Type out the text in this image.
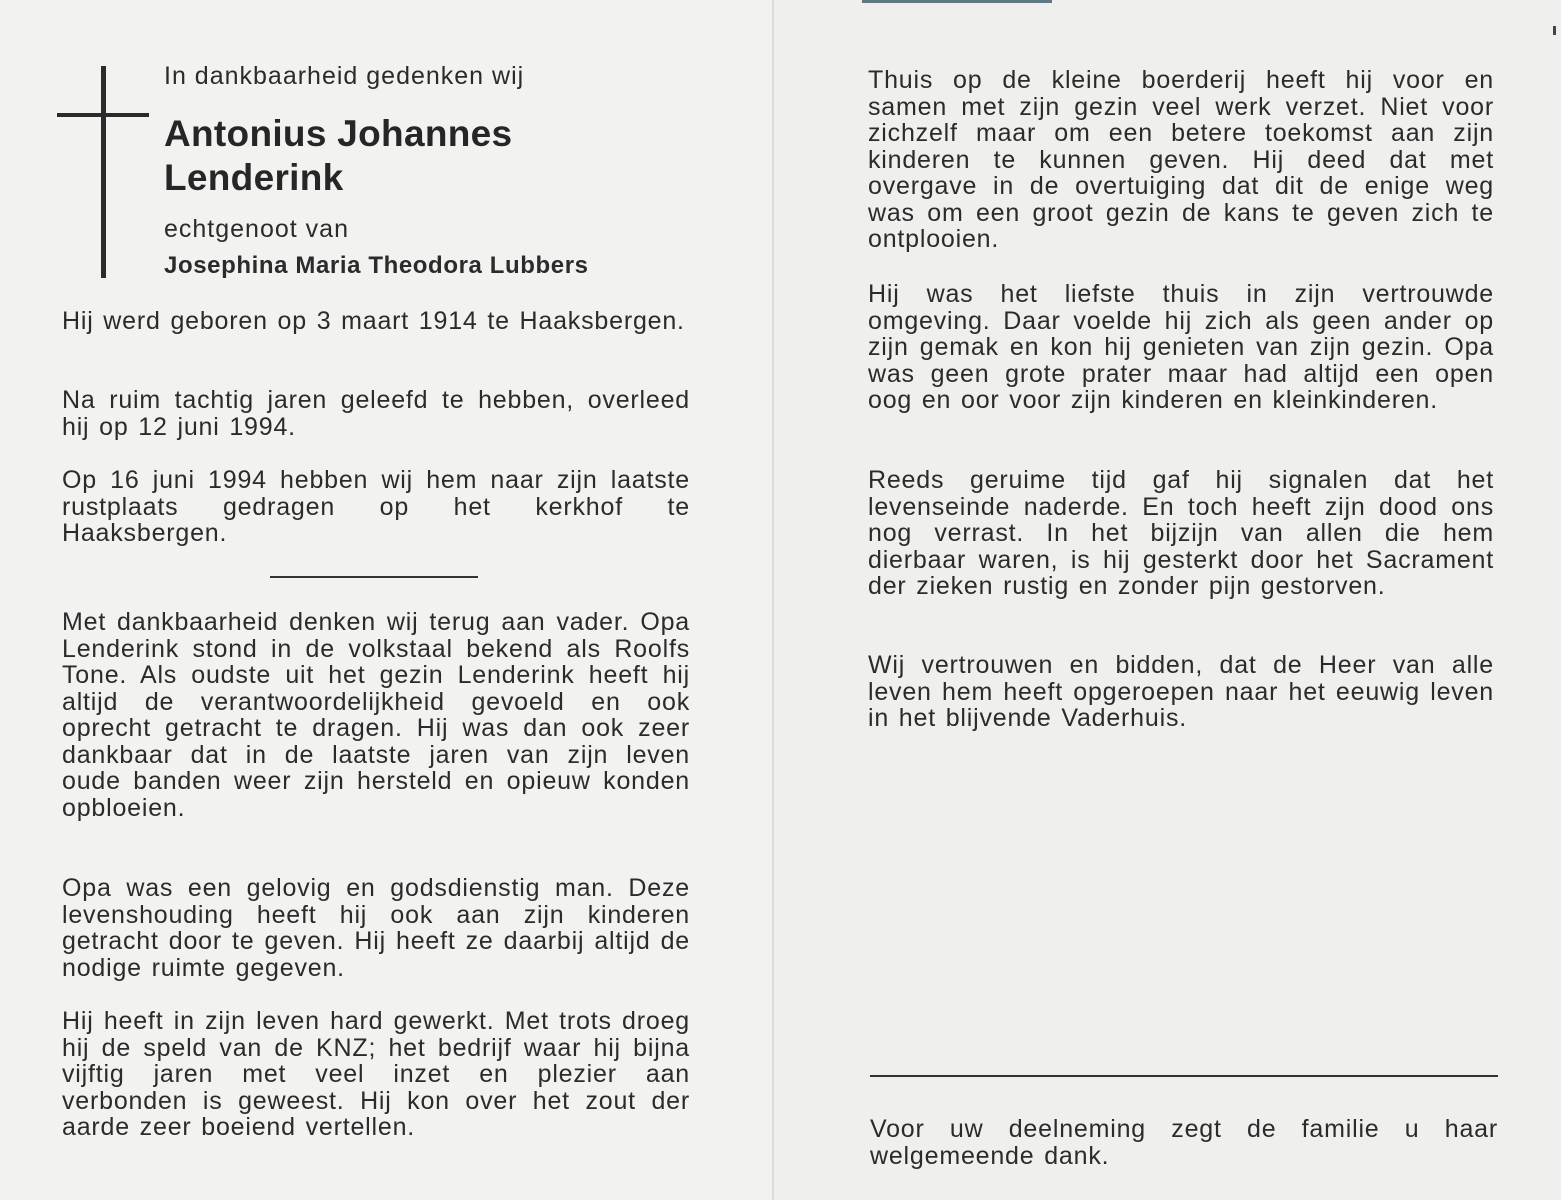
In dankbaarheid gedenken wij

Antonius Johannes
Lenderink

echtgenoot van

Josephina Maria Theodora Lubbers

Hij werd geboren op 3 maart 1914 te Haaksbergen.

Na ruim tachtig jaren geleefd te hebben, overleed hij op 12 juni 1994.

Op 16 juni 1994 hebben wij hem naar zijn laatste rustplaats gedragen op het kerkhof te Haaksbergen.

Met dankbaarheid denken wij terug aan vader. Opa Lenderink stond in de volkstaal bekend als Roolfs Tone. Als oudste uit het gezin Lenderink heeft hij altijd de verantwoordelijkheid gevoeld en ook oprecht getracht te dragen. Hij was dan ook zeer dankbaar dat in de laatste jaren van zijn leven oude banden weer zijn hersteld en opieuw konden opbloeien.

Opa was een gelovig en godsdienstig man. Deze levenshouding heeft hij ook aan zijn kinderen getracht door te geven. Hij heeft ze daarbij altijd de nodige ruimte gegeven.

Hij heeft in zijn leven hard gewerkt. Met trots droeg hij de speld van de KNZ; het bedrijf waar hij bijna vijftig jaren met veel inzet en plezier aan verbonden is geweest. Hij kon over het zout der aarde zeer boeiend vertellen.

Thuis op de kleine boerderij heeft hij voor en samen met zijn gezin veel werk verzet. Niet voor zichzelf maar om een betere toekomst aan zijn kinderen te kunnen geven. Hij deed dat met overgave in de overtuiging dat dit de enige weg was om een groot gezin de kans te geven zich te ontplooien.

Hij was het liefste thuis in zijn vertrouwde omgeving. Daar voelde hij zich als geen ander op zijn gemak en kon hij genieten van zijn gezin. Opa was geen grote prater maar had altijd een open oog en oor voor zijn kinderen en kleinkinderen.

Reeds geruime tijd gaf hij signalen dat het levenseinde naderde. En toch heeft zijn dood ons nog verrast. In het bijzijn van allen die hem dierbaar waren, is hij gesterkt door het Sacrament der zieken rustig en zonder pijn gestorven.

Wij vertrouwen en bidden, dat de Heer van alle leven hem heeft opgeroepen naar het eeuwig leven in het blijvende Vaderhuis.

Voor uw deelneming zegt de familie u haar welgemeende dank.
